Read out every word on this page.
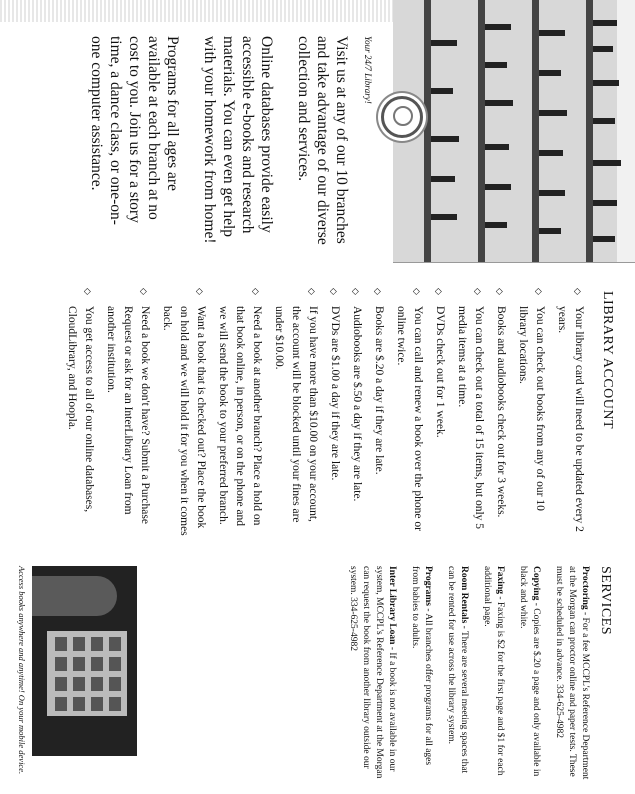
Your 24/7 Library!

Visit us at any of our 10 branches and take advantage of our diverse collection and services.

Online databases provide easily accessible e-books and research materials. You can even get help with your homework from home!

Programs for all ages are available at each branch at no cost to you. Join us for a story time, a dance class, or one-on-one computer assistance.

LIBRARY ACCOUNT
◇
Your library card will need to be updated every 2 years.
◇
You can check out books from any of our 10 library locations.
◇
Books and audiobooks check out for 3 weeks.
◇
You can check out a total of 15 items, but only 5 media items at a time.
◇
DVDs check out for 1 week.
◇
You can call and renew a book over the phone or online twice.
◇
Books are $.20 a day if they are late.
◇
Audiobooks are $.50 a day if they are late.
◇
DVDs are $1.00 a day if they are late.
◇
If you have more than $10.00 on your account, the account will be blocked until your fines are under $10.00.
◇
Need a book at another branch? Place a hold on that book online, in person, or on the phone and we will send the book to your preferred branch.
◇
Want a book that is checked out? Place the book on hold and we will hold it for you when it comes back.
◇
Need a book we don't have? Submit a Purchase Request or ask for an InterLibrary Loan from another institution.
◇
You get access to all of our online databases, CloudLibrary, and Hoopla.
SERVICES

Proctoring - For a fee MCCPL's Reference Department at the Morgan can proctor online and paper tests. These must be scheduled in advance. 334-625-4982

Copying - Copies are $.20 a page and only available in black and white.

Faxing - Faxing is $2 for the first page and $1 for each additional page.

Room Rentals - There are several meeting spaces that can be rented for use across the library system.

Programs - All branches offer programs for all ages from babies to adults.

Inter Library Loan - If a book is not available in our system, MCCPL's Reference Department at the Morgan can request the book from another library outside our system. 334-625-4982

Access books anywhere and anytime! On your mobile device.
